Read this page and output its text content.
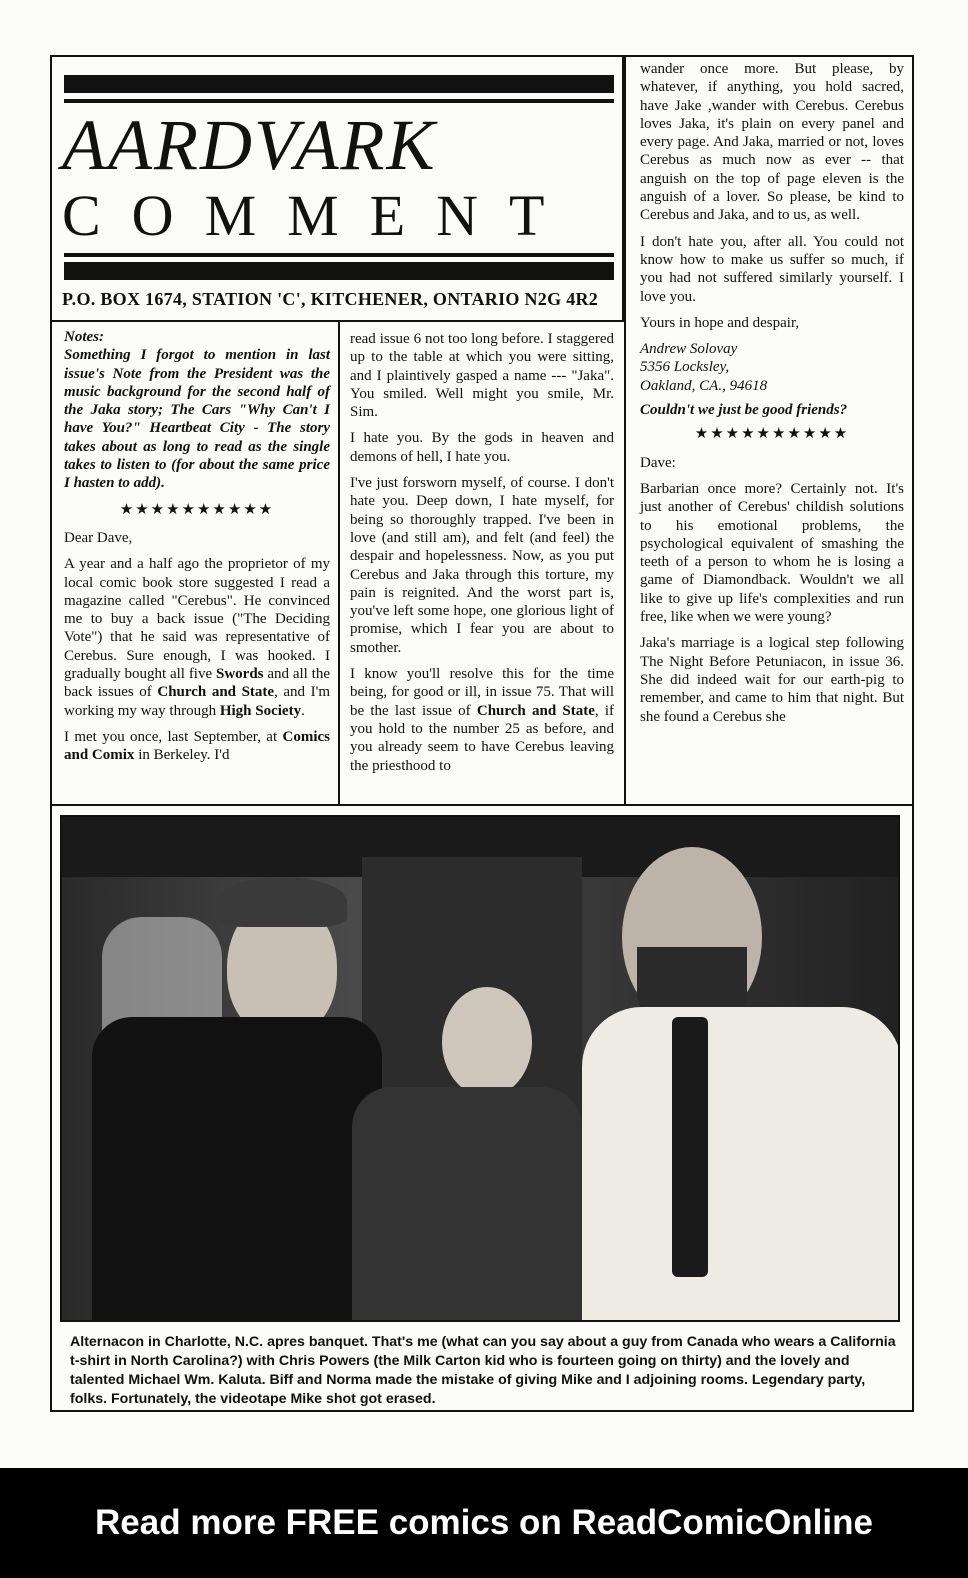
AARDVARK
COMMENT
P.O. BOX 1674, STATION 'C', KITCHENER, ONTARIO N2G 4R2
Notes:

Something I forgot to mention in last issue's Note from the President was the music background for the second half of the Jaka story; The Cars "Why Can't I have You?" Heartbeat City - The story takes about as long to read as the single takes to listen to (for about the same price I hasten to add).

★★★★★★★★★★

Dear Dave,

A year and a half ago the proprietor of my local comic book store suggested I read a magazine called "Cerebus". He convinced me to buy a back issue ("The Deciding Vote") that he said was representative of Cerebus. Sure enough, I was hooked. I gradually bought all five Swords and all the back issues of Church and State, and I'm working my way through High Society.

I met you once, last September, at Comics and Comix in Berkeley. I'd

read issue 6 not too long before. I staggered up to the table at which you were sitting, and I plaintively gasped a name --- "Jaka". You smiled. Well might you smile, Mr. Sim.

I hate you. By the gods in heaven and demons of hell, I hate you.

I've just forsworn myself, of course. I don't hate you. Deep down, I hate myself, for being so thoroughly trapped. I've been in love (and still am), and felt (and feel) the despair and hopelessness. Now, as you put Cerebus and Jaka through this torture, my pain is reignited. And the worst part is, you've left some hope, one glorious light of promise, which I fear you are about to smother.

I know you'll resolve this for the time being, for good or ill, in issue 75. That will be the last issue of Church and State, if you hold to the number 25 as before, and you already seem to have Cerebus leaving the priesthood to

wander once more. But please, by whatever, if anything, you hold sacred, have Jake ,wander with Cerebus. Cerebus loves Jaka, it's plain on every panel and every page. And Jaka, married or not, loves Cerebus as much now as ever -- that anguish on the top of page eleven is the anguish of a lover. So please, be kind to Cerebus and Jaka, and to us, as well.

I don't hate you, after all. You could not know how to make us suffer so much, if you had not suffered similarly yourself. I love you.

Yours in hope and despair,

Andrew Solovay
5356 Locksley,
Oakland, CA., 94618
Couldn't we just be good friends?
★★★★★★★★★★

Dave:

Barbarian once more? Certainly not. It's just another of Cerebus' childish solutions to his emotional problems, the psychological equivalent of smashing the teeth of a person to whom he is losing a game of Diamondback. Wouldn't we all like to give up life's complexities and run free, like when we were young?

Jaka's marriage is a logical step following The Night Before Petuniacon, in issue 36. She did indeed wait for our earth-pig to remember, and came to him that night. But she found a Cerebus she

Alternacon in Charlotte, N.C. apres banquet. That's me (what can you say about a guy from Canada who wears a California t-shirt in North Carolina?) with Chris Powers (the Milk Carton kid who is fourteen going on thirty) and the lovely and talented Michael Wm. Kaluta. Biff and Norma made the mistake of giving Mike and I adjoining rooms. Legendary party, folks. Fortunately, the videotape Mike shot got erased.
Read more FREE comics on ReadComicOnline
